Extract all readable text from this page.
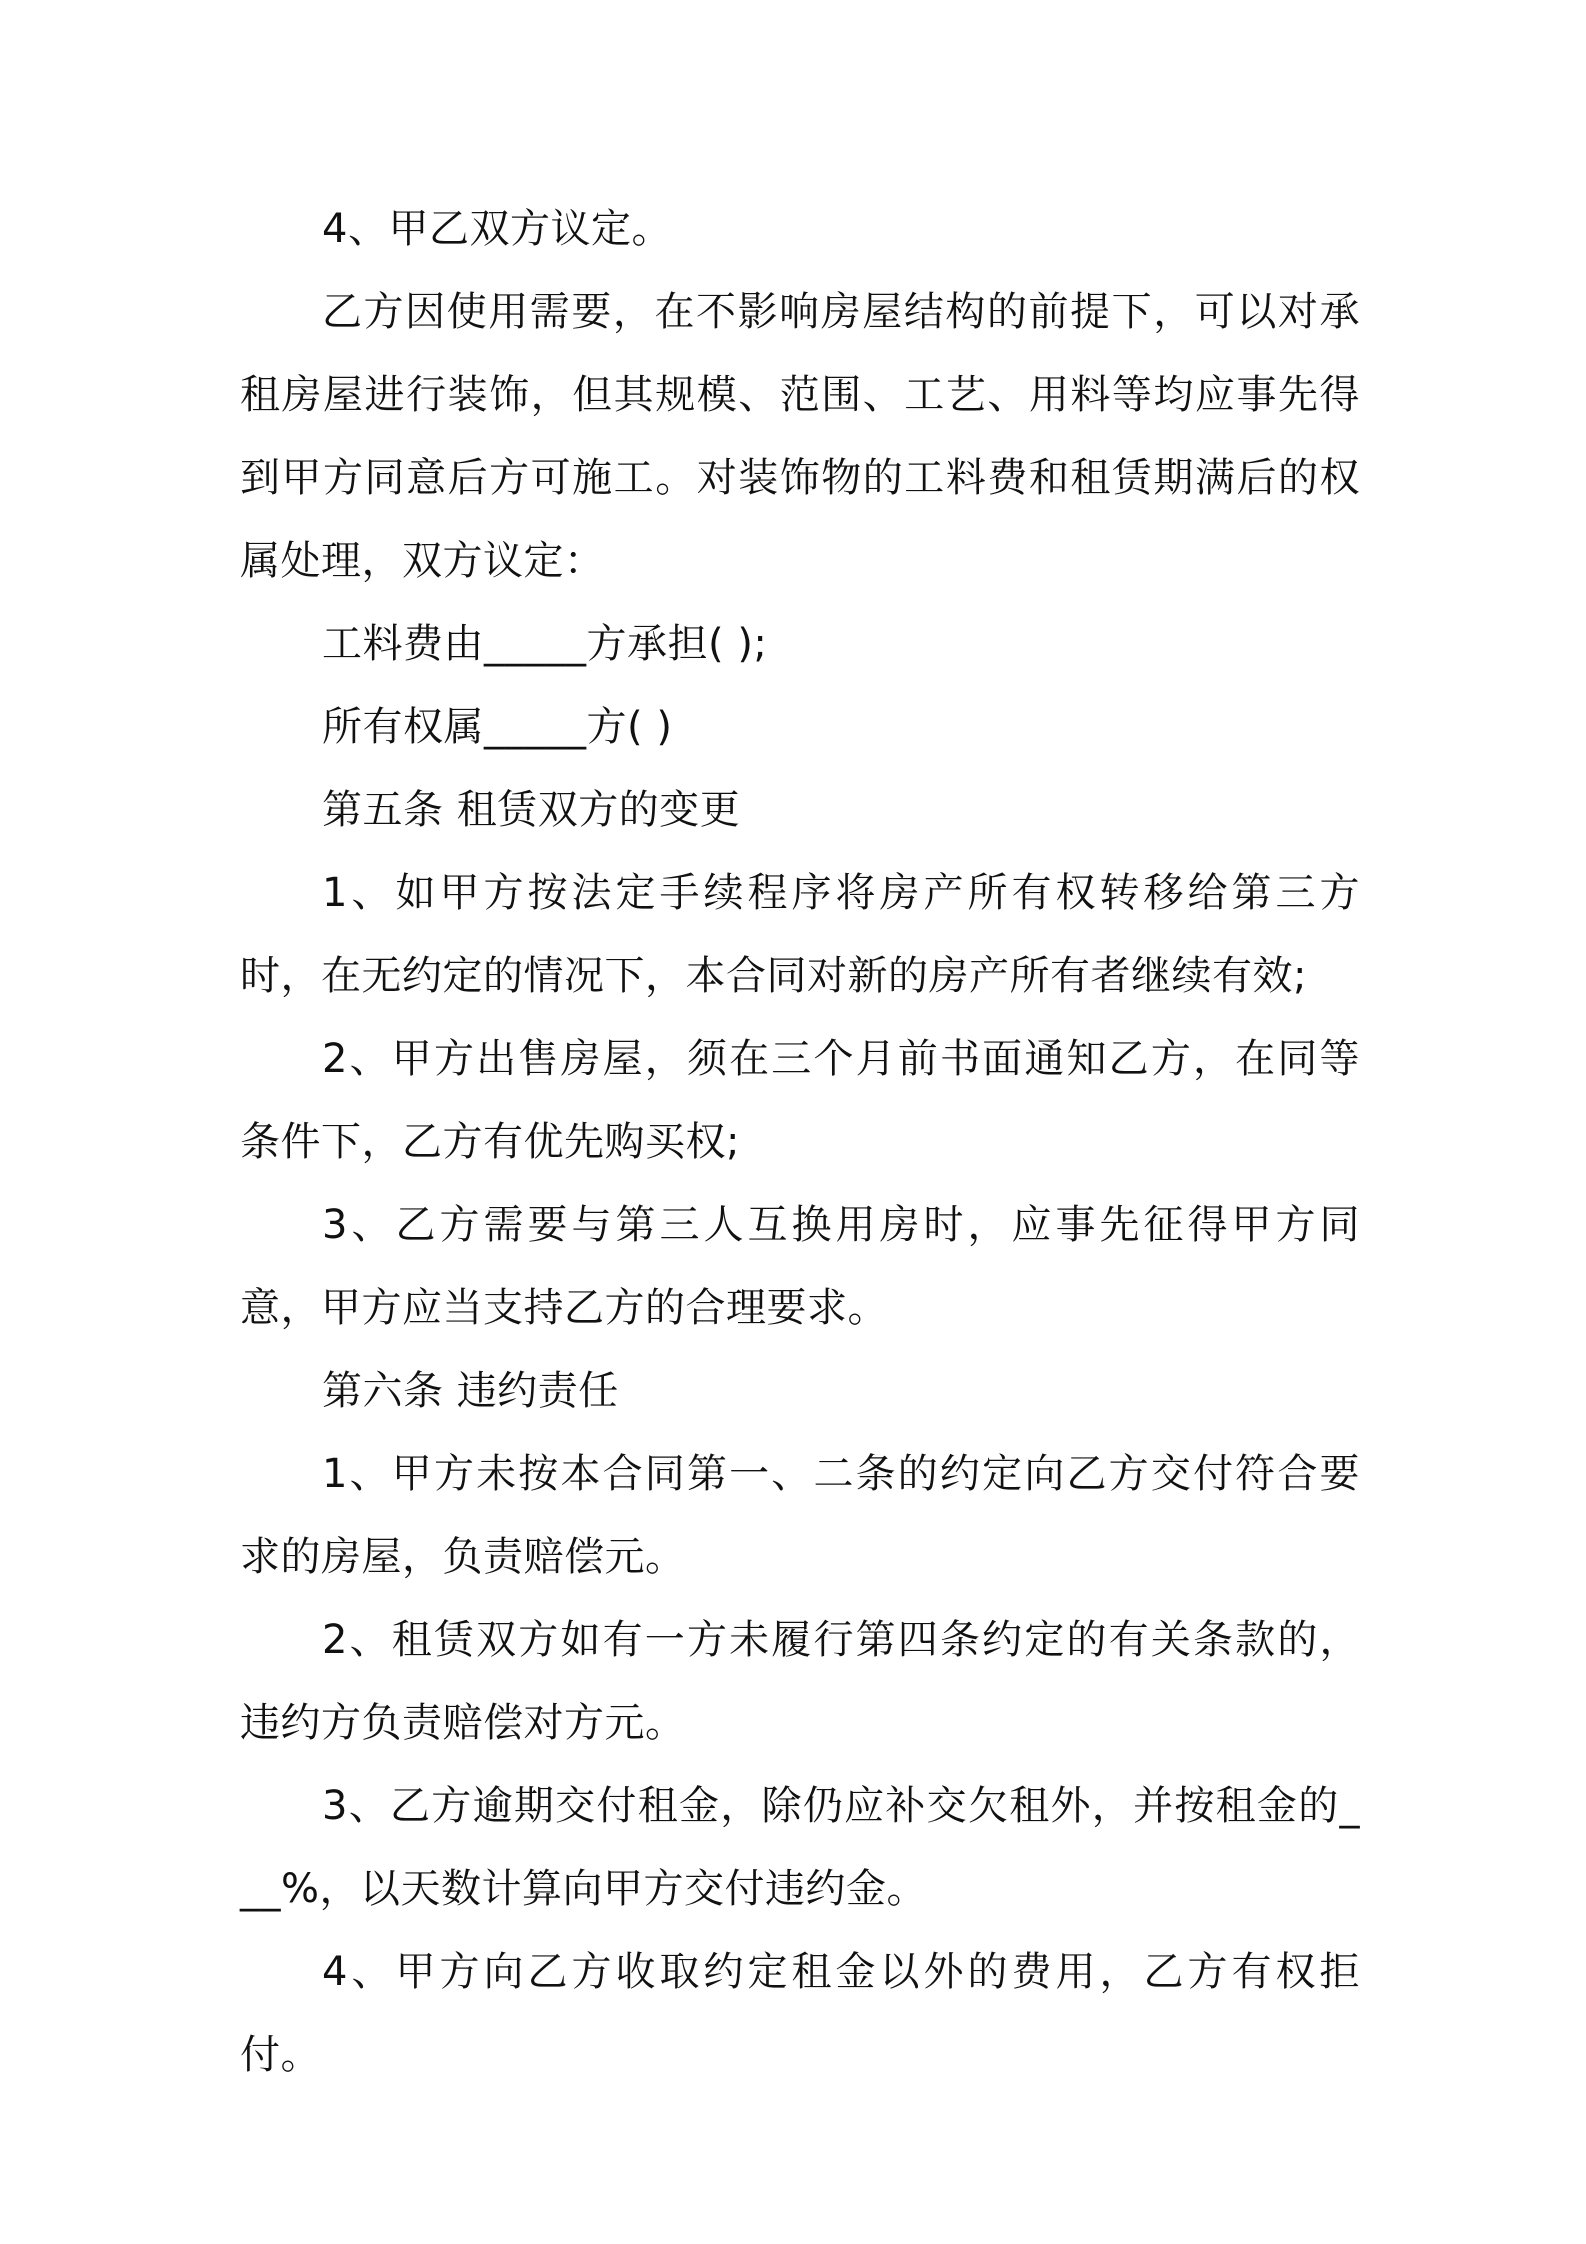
4、甲乙双方议定。

乙方因使用需要，在不影响房屋结构的前提下，可以对承租房屋进行装饰，但其规模、范围、工艺、用料等均应事先得到甲方同意后方可施工。对装饰物的工料费和租赁期满后的权属处理，双方议定：

工料费由_____方承担( );

所有权属_____方( )

第五条 租赁双方的变更

1、如甲方按法定手续程序将房产所有权转移给第三方时，在无约定的情况下，本合同对新的房产所有者继续有效;

2、甲方出售房屋，须在三个月前书面通知乙方，在同等条件下，乙方有优先购买权;

3、乙方需要与第三人互换用房时，应事先征得甲方同意，甲方应当支持乙方的合理要求。

第六条 违约责任

1、甲方未按本合同第一、二条的约定向乙方交付符合要求的房屋，负责赔偿元。

2、租赁双方如有一方未履行第四条约定的有关条款的，违约方负责赔偿对方元。

3、乙方逾期交付租金，除仍应补交欠租外，并按租金的___%，以天数计算向甲方交付违约金。

4、甲方向乙方收取约定租金以外的费用，乙方有权拒付。
